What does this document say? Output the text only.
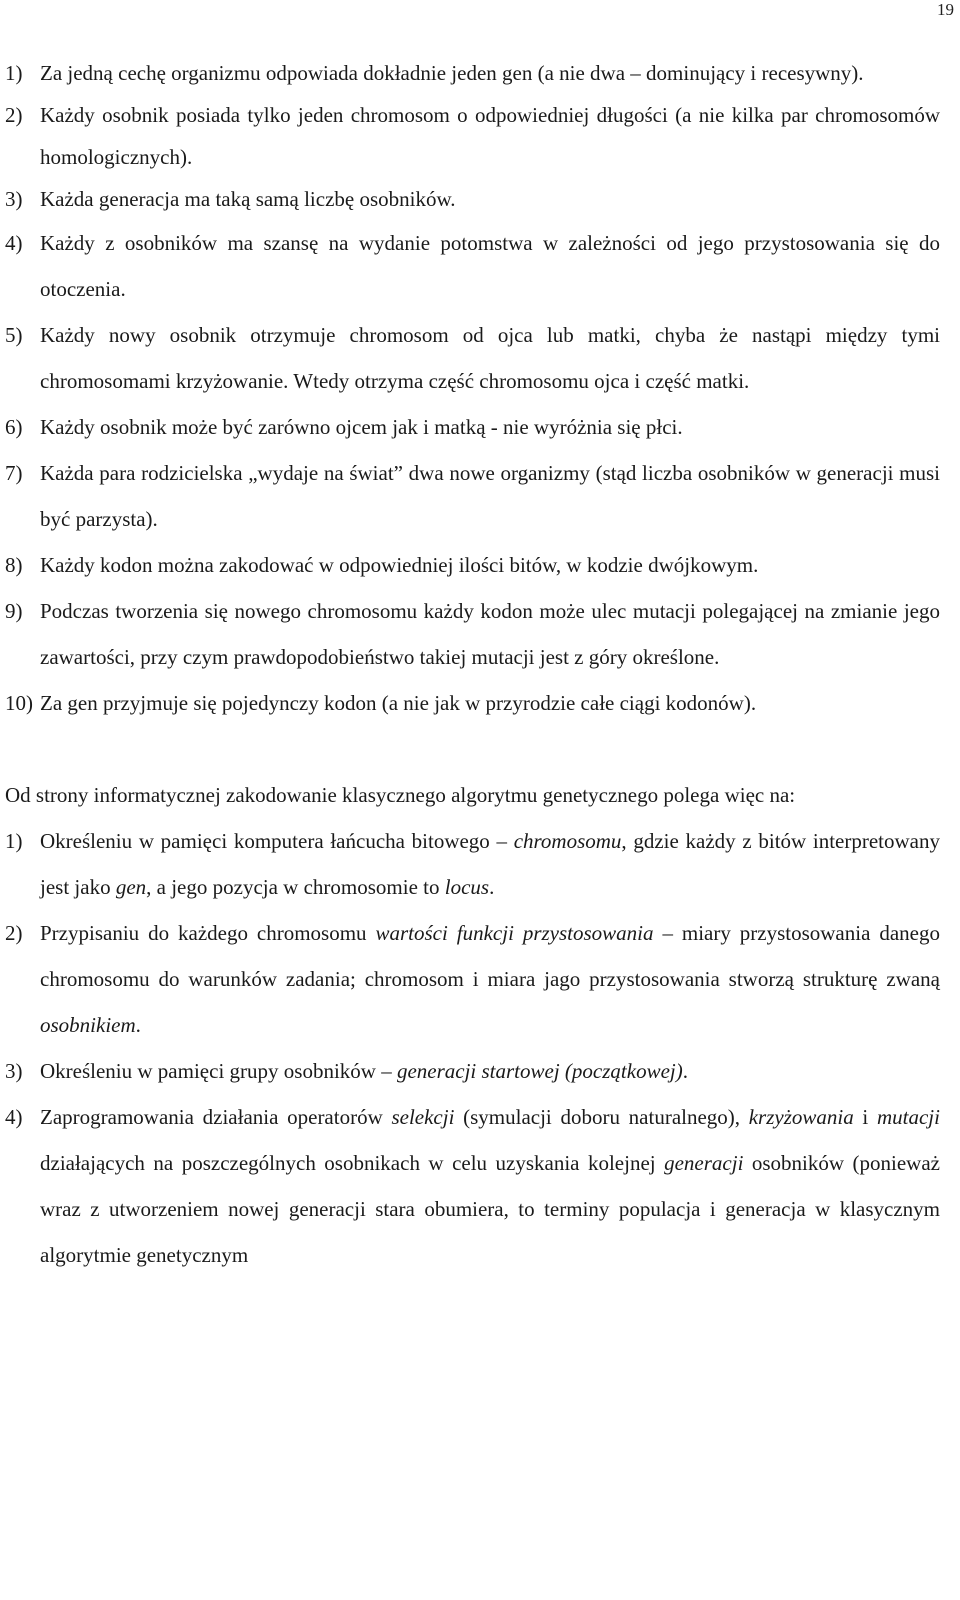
19
1) Za jedną cechę organizmu odpowiada dokładnie jeden gen (a nie dwa – dominujący i recesywny).
2) Każdy osobnik posiada tylko jeden chromosom o odpowiedniej długości (a nie kilka par chromosomów homologicznych).
3) Każda generacja ma taką samą liczbę osobników.
4) Każdy z osobników ma szansę na wydanie potomstwa w zależności od jego przystosowania się do otoczenia.
5) Każdy nowy osobnik otrzymuje chromosom od ojca lub matki, chyba że nastąpi między tymi chromosomami krzyżowanie. Wtedy otrzyma część chromosomu ojca i część matki.
6) Każdy osobnik może być zarówno ojcem jak i matką - nie wyróżnia się płci.
7) Każda para rodzicielska „wydaje na świat” dwa nowe organizmy (stąd liczba osobników w generacji musi być parzysta).
8) Każdy kodon można zakodować w odpowiedniej ilości bitów, w kodzie dwójkowym.
9) Podczas tworzenia się nowego chromosomu każdy kodon może ulec mutacji polegającej na zmianie jego zawartości, przy czym prawdopodobieństwo takiej mutacji jest z góry określone.
10) Za gen przyjmuje się pojedynczy kodon (a nie jak w przyrodzie całe ciągi kodonów).

Od strony informatycznej zakodowanie klasycznego algorytmu genetycznego polega więc na:

1) Określeniu w pamięci komputera łańcucha bitowego – chromosomu, gdzie każdy z bitów interpretowany jest jako gen, a jego pozycja w chromosomie to locus.
2) Przypisaniu do każdego chromosomu wartości funkcji przystosowania – miary przystosowania danego chromosomu do warunków zadania; chromosom i miara jago przystosowania stworzą strukturę zwaną osobnikiem.
3) Określeniu w pamięci grupy osobników – generacji startowej (początkowej).
4) Zaprogramowania działania operatorów selekcji (symulacji doboru naturalnego), krzyżowania i mutacji działających na poszczególnych osobnikach w celu uzyskania kolejnej generacji osobników (ponieważ wraz z utworzeniem nowej generacji stara obumiera, to terminy populacja i generacja w klasycznym algorytmie genetycznym
